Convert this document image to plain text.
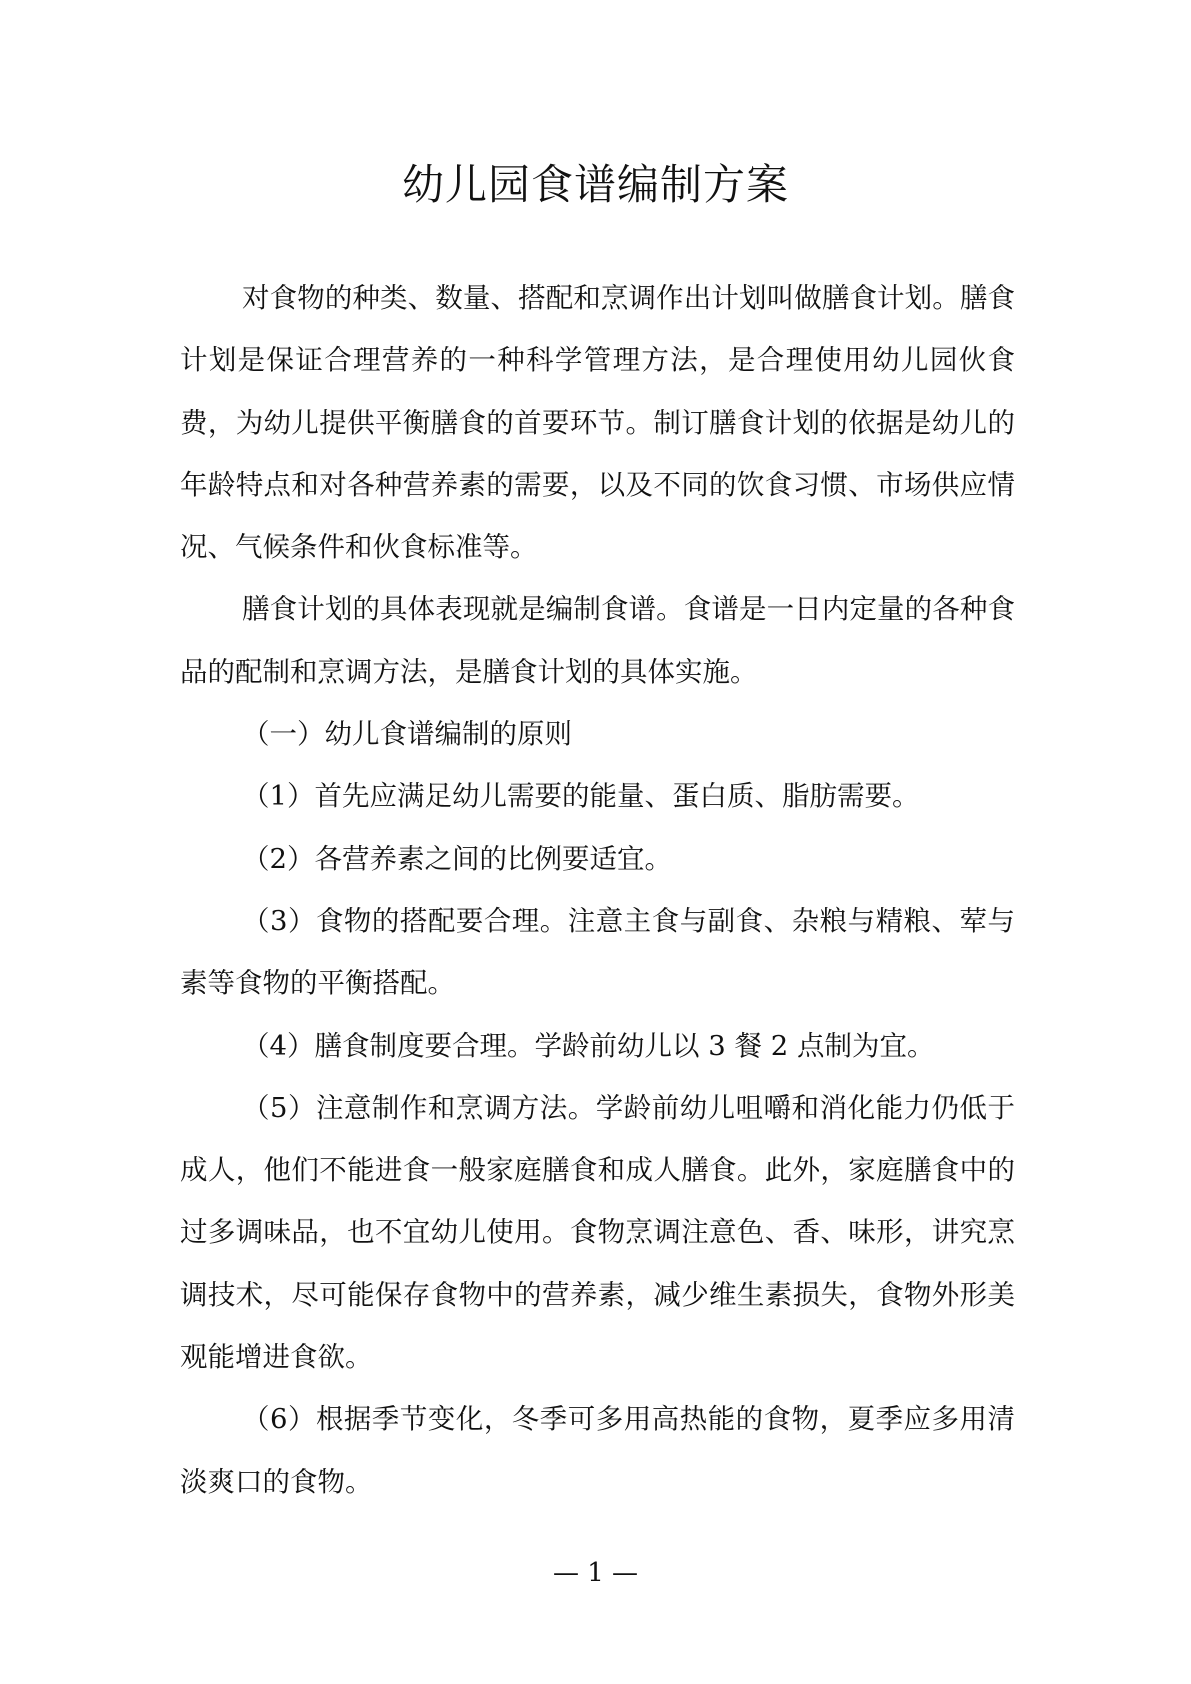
幼儿园食谱编制方案

对食物的种类、数量、搭配和烹调作出计划叫做膳食计划。膳食计划是保证合理营养的一种科学管理方法，是合理使用幼儿园伙食费，为幼儿提供平衡膳食的首要环节。制订膳食计划的依据是幼儿的年龄特点和对各种营养素的需要，以及不同的饮食习惯、市场供应情况、气候条件和伙食标准等。

膳食计划的具体表现就是编制食谱。食谱是一日内定量的各种食品的配制和烹调方法，是膳食计划的具体实施。

（一）幼儿食谱编制的原则

（1）首先应满足幼儿需要的能量、蛋白质、脂肪需要。

（2）各营养素之间的比例要适宜。

（3）食物的搭配要合理。注意主食与副食、杂粮与精粮、荤与素等食物的平衡搭配。

（4）膳食制度要合理。学龄前幼儿以 3 餐 2 点制为宜。

（5）注意制作和烹调方法。学龄前幼儿咀嚼和消化能力仍低于成人，他们不能进食一般家庭膳食和成人膳食。此外，家庭膳食中的过多调味品，也不宜幼儿使用。食物烹调注意色、香、味形，讲究烹调技术，尽可能保存食物中的营养素，减少维生素损失，食物外形美观能增进食欲。

（6）根据季节变化，冬季可多用高热能的食物，夏季应多用清淡爽口的食物。

— 1 —
